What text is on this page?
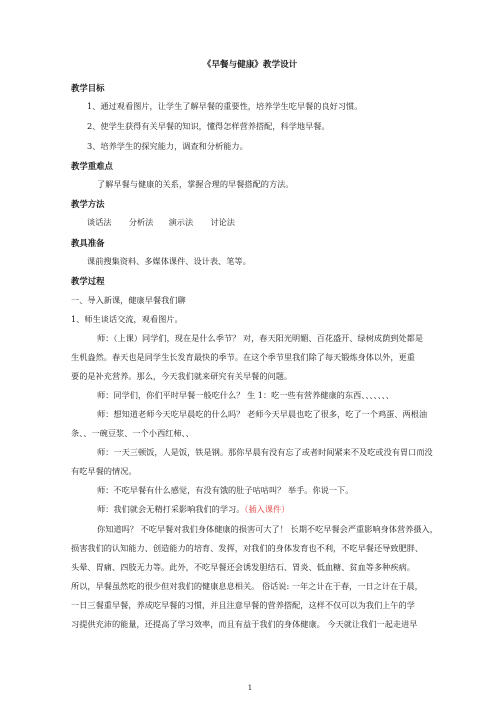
《早餐与健康》教学设计
教学目标
1、通过观看图片，让学生了解早餐的重要性，培养学生吃早餐的良好习惯。
2、使学生获得有关早餐的知识，懂得怎样营养搭配，科学地早餐。
3、培养学生的探究能力，调查和分析能力。
教学重难点
了解早餐与健康的关系，掌握合理的早餐搭配的方法。
教学方法
谈话法 分析法 演示法 讨论法
教具准备
课前搜集资料、多媒体课件、设计表、笔等。
教学过程
一、导入新课，健康早餐我们聊
1、师生谈话交流，观看图片。
师：（上课）同学们，现在是什么季节？ 对，春天阳光明媚、百花盛开、绿树成荫到处都是
生机盎然。春天也是同学生长发育最快的季节。在这个季节里我们除了每天锻炼身体以外，更重
要的是补充营养。那么，今天我们就来研究有关早餐的问题。
师：同学们，你们平时早餐一般吃什么？ 生 1：吃一些有营养健康的东西、、、、、、、
师：想知道老师今天吃早晨吃的什么吗？ 老师今天早晨也吃了很多，吃了一个鸡蛋、两根油
条、、一碗豆浆、一个小西红柿、、
师：一天三顿饭，人是饭，铁是钢。那你早晨有没有忘了或者时间紧来不及吃或没有胃口而没
有吃早餐的情况。
师：不吃早餐有什么感觉，有没有饿的肚子咕咕叫？ 举手。你说一下。
师：我们就会无精打采影响我们的学习。（插入课件）
你知道吗？ 不吃早餐对我们身体健康的损害可大了！ 长期不吃早餐会严重影响身体营养摄入，
损害我们的认知能力、创造能力的培育、发挥，对我们的身体发育也不利，不吃早餐还导致肥胖、
头晕、胃痛、四肢无力等。此外，不吃早餐还会诱发胆结石、胃炎、低血糖、贫血等多种疾病。
所以，早餐虽然吃的很少但对我们的健康息息相关。 俗话说: 一年之计在于春，一日之计在于晨，
一日三餐重早餐，养成吃早餐的习惯，并且注意早餐的营养搭配，这样不仅可以为我们上午的学
习提供充沛的能量，还提高了学习效率，而且有益于我们的身体健康。 今天就让我们一起走进早
1
